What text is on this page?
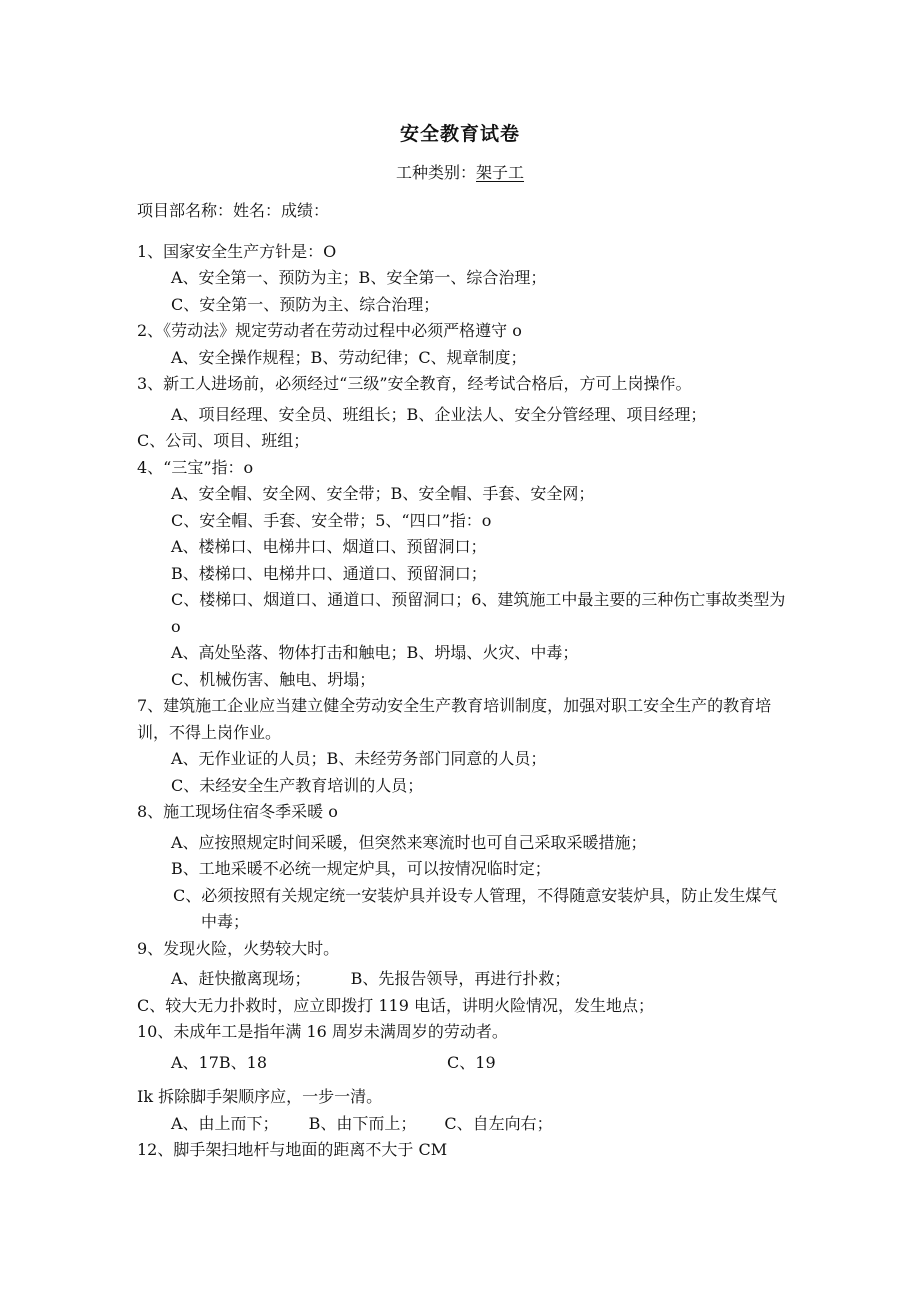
安全教育试卷
工种类别：架子工
项目部名称：姓名：成绩：
1、国家安全生产方针是：O
A、安全第一、预防为主；B、安全第一、综合治理；
C、安全第一、预防为主、综合治理；
2、《劳动法》规定劳动者在劳动过程中必须严格遵守 o
A、安全操作规程；B、劳动纪律；C、规章制度；
3、新工人进场前，必须经过“三级”安全教育，经考试合格后，方可上岗操作。
A、项目经理、安全员、班组长；B、企业法人、安全分管经理、项目经理；
C、公司、项目、班组；
4、“三宝”指：o
A、安全帽、安全网、安全带；B、安全帽、手套、安全网；
C、安全帽、手套、安全带；5、“四口”指：o
A、楼梯口、电梯井口、烟道口、预留洞口；
B、楼梯口、电梯井口、通道口、预留洞口；
C、楼梯口、烟道口、通道口、预留洞口；6、建筑施工中最主要的三种伤亡事故类型为 o
A、高处坠落、物体打击和触电；B、坍塌、火灾、中毒；
C、机械伤害、触电、坍塌；
7、建筑施工企业应当建立健全劳动安全生产教育培训制度，加强对职工安全生产的教育培训，不得上岗作业。
A、无作业证的人员；B、未经劳务部门同意的人员；
C、未经安全生产教育培训的人员；
8、施工现场住宿冬季采暖 o
A、应按照规定时间采暖，但突然来寒流时也可自己采取采暖措施；
B、工地采暖不必统一规定炉具，可以按情况临时定；
C、必须按照有关规定统一安装炉具并设专人管理，不得随意安装炉具，防止发生煤气中毒；
9、发现火险，火势较大时。
A、赶快撤离现场；	B、先报告领导，再进行扑救；
C、较大无力扑救时，应立即拨打 119 电话，讲明火险情况，发生地点；
10、未成年工是指年满 16 周岁未满周岁的劳动者。
A、17B、18	C、19
Ik 拆除脚手架顺序应，一步一清。
A、由上而下； B、由下而上； C、自左向右；
12、脚手架扫地杆与地面的距离不大于 CM
